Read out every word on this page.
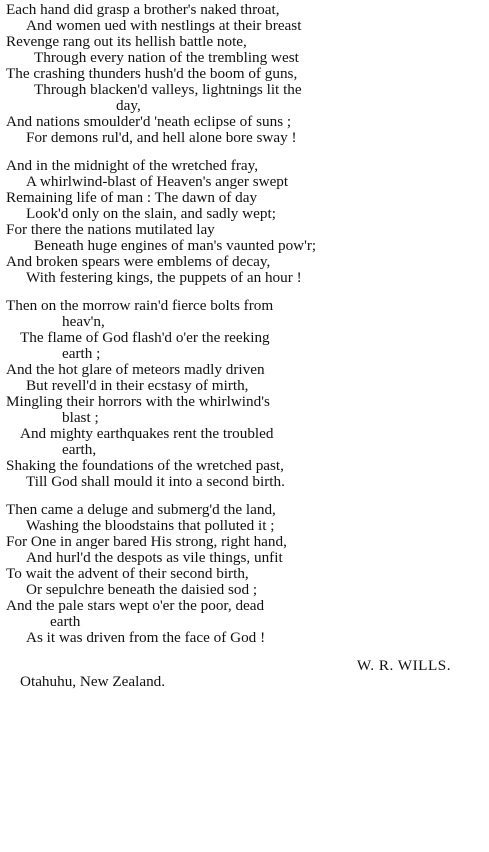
Each hand did grasp a brother's naked throat,
And women ued with nestlings at their breast
Revenge rang out its hellish battle note,
Through every nation of the trembling west
The crashing thunders hush'd the boom of guns,
Through blacken'd valleys, lightnings lit the
day,
And nations smoulder'd 'neath eclipse of suns ;
For demons rul'd, and hell alone bore sway !
And in the midnight of the wretched fray,
A whirlwind-blast of Heaven's anger swept
Remaining life of man : The dawn of day
Look'd only on the slain, and sadly wept;
For there the nations mutilated lay
Beneath huge engines of man's vaunted pow'r;
And broken spears were emblems of decay,
With festering kings, the puppets of an hour !
Then on the morrow rain'd fierce bolts from
heav'n,
The flame of God flash'd o'er the reeking
earth ;
And the hot glare of meteors madly driven
But revell'd in their ecstasy of mirth,
Mingling their horrors with the whirlwind's
blast ;
And mighty earthquakes rent the troubled
earth,
Shaking the foundations of the wretched past,
Till God shall mould it into a second birth.
Then came a deluge and submerg'd the land,
Washing the bloodstains that polluted it ;
For One in anger bared His strong, right hand,
And hurl'd the despots as vile things, unfit
To wait the advent of their second birth,
Or sepulchre beneath the daisied sod ;
And the pale stars wept o'er the poor, dead
earth
As it was driven from the face of God !
W. R. WILLS.
Otahuhu, New Zealand.
